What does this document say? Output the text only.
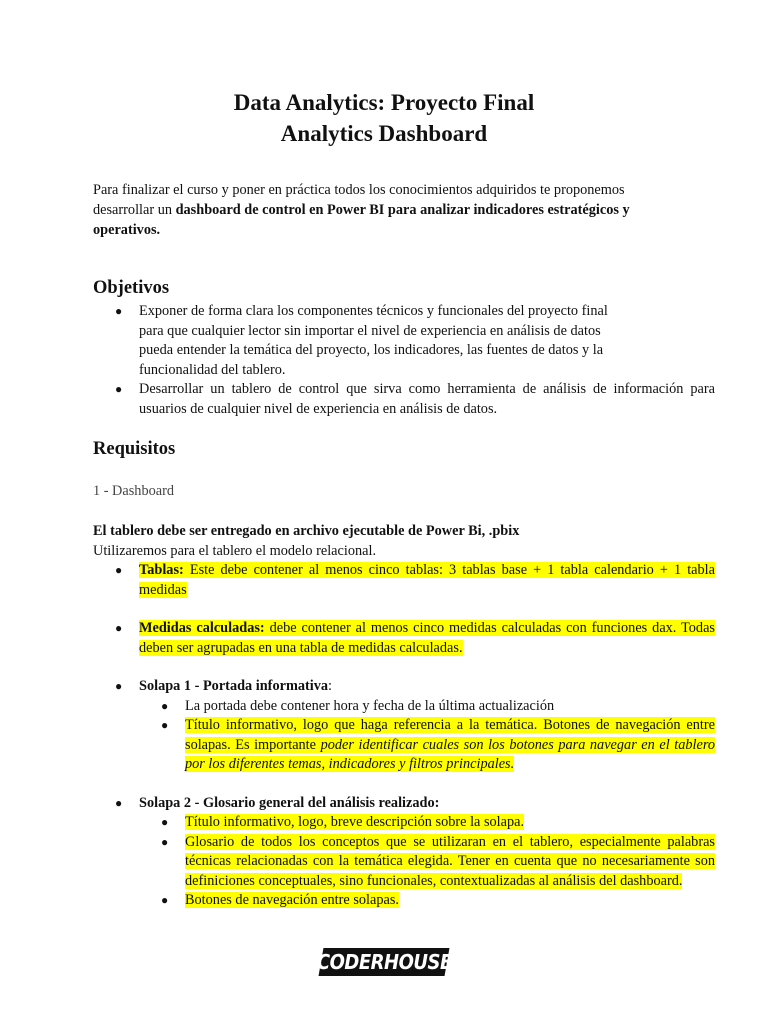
Data Analytics: Proyecto Final
Analytics Dashboard
Para finalizar el curso y poner en práctica todos los conocimientos adquiridos te proponemos desarrollar un dashboard de control en Power BI para analizar indicadores estratégicos y operativos.
Objetivos
● Exponer de forma clara los componentes técnicos y funcionales del proyecto final
para que cualquier lector sin importar el nivel de experiencia en análisis de datos
pueda entender la temática del proyecto, los indicadores, las fuentes de datos y la
funcionalidad del tablero.
● Desarrollar un tablero de control que sirva como herramienta de análisis de información para usuarios de cualquier nivel de experiencia en análisis de datos.
Requisitos
1 - Dashboard
El tablero debe ser entregado en archivo ejecutable de Power Bi, .pbix
Utilizaremos para el tablero el modelo relacional.
● Tablas: Este debe contener al menos cinco tablas: 3 tablas base + 1 tabla calendario + 1 tabla medidas
● Medidas calculadas: debe contener al menos cinco medidas calculadas con funciones dax. Todas deben ser agrupadas en una tabla de medidas calculadas.
● Solapa 1 - Portada informativa:
● La portada debe contener hora y fecha de la última actualización
● Título informativo, logo que haga referencia a la temática. Botones de navegación entre solapas. Es importante poder identificar cuales son los botones para navegar en el tablero por los diferentes temas, indicadores y filtros principales.
● Solapa 2 - Glosario general del análisis realizado:
● Título informativo, logo, breve descripción sobre la solapa.
● Glosario de todos los conceptos que se utilizaran en el tablero, especialmente palabras técnicas relacionadas con la temática elegida. Tener en cuenta que no necesariamente son definiciones conceptuales, sino funcionales, contextualizadas al análisis del dashboard.
● Botones de navegación entre solapas.
CODERHOUSE
